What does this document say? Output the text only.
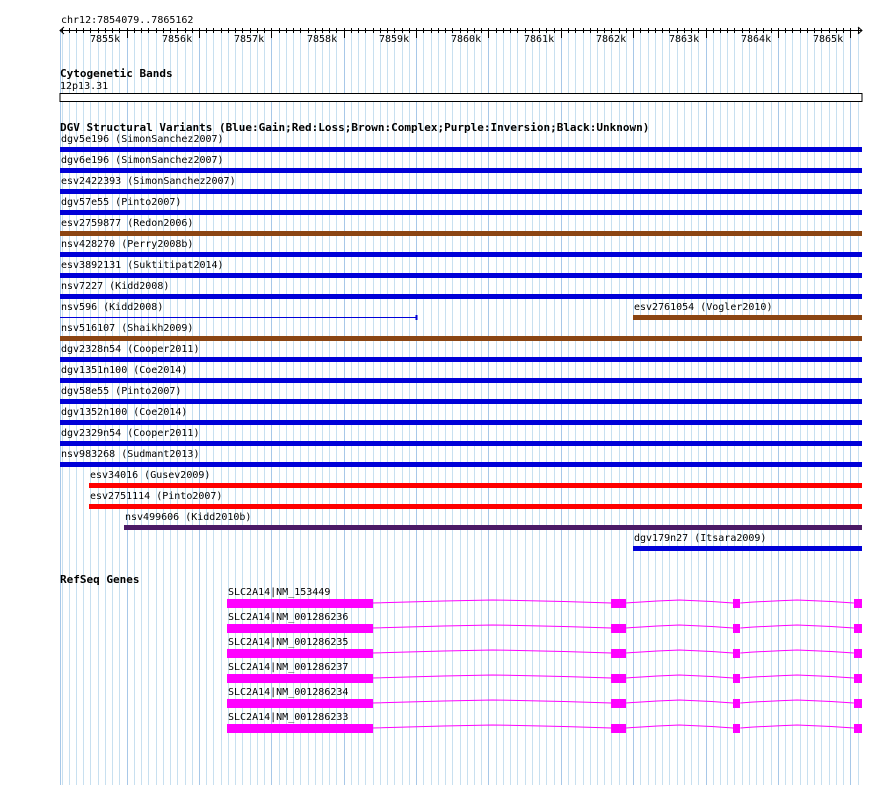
chr12:7854079..7865162
7855k	7856k	7857k	7858k	7859k	7860k	7861k	7862k	7863k	7864k	7865k
Cytogenetic Bands
12p13.31
DGV Structural Variants (Blue:Gain;Red:Loss;Brown:Complex;Purple:Inversion;Black:Unknown)
dgv5e196 (SimonSanchez2007)
dgv6e196 (SimonSanchez2007)
esv2422393 (SimonSanchez2007)
dgv57e55 (Pinto2007)
esv2759877 (Redon2006)
nsv428270 (Perry2008b)
esv3892131 (Suktitipat2014)
nsv7227 (Kidd2008)
nsv596 (Kidd2008)	esv2761054 (Vogler2010)
nsv516107 (Shaikh2009)
dgv2328n54 (Cooper2011)
dgv1351n100 (Coe2014)
dgv58e55 (Pinto2007)
dgv1352n100 (Coe2014)
dgv2329n54 (Cooper2011)
nsv983268 (Sudmant2013)
esv34016 (Gusev2009)
esv2751114 (Pinto2007)
nsv499606 (Kidd2010b)
dgv179n27 (Itsara2009)
RefSeq Genes
SLC2A14|NM_153449
SLC2A14|NM_001286236
SLC2A14|NM_001286235
SLC2A14|NM_001286237
SLC2A14|NM_001286234
SLC2A14|NM_001286233
